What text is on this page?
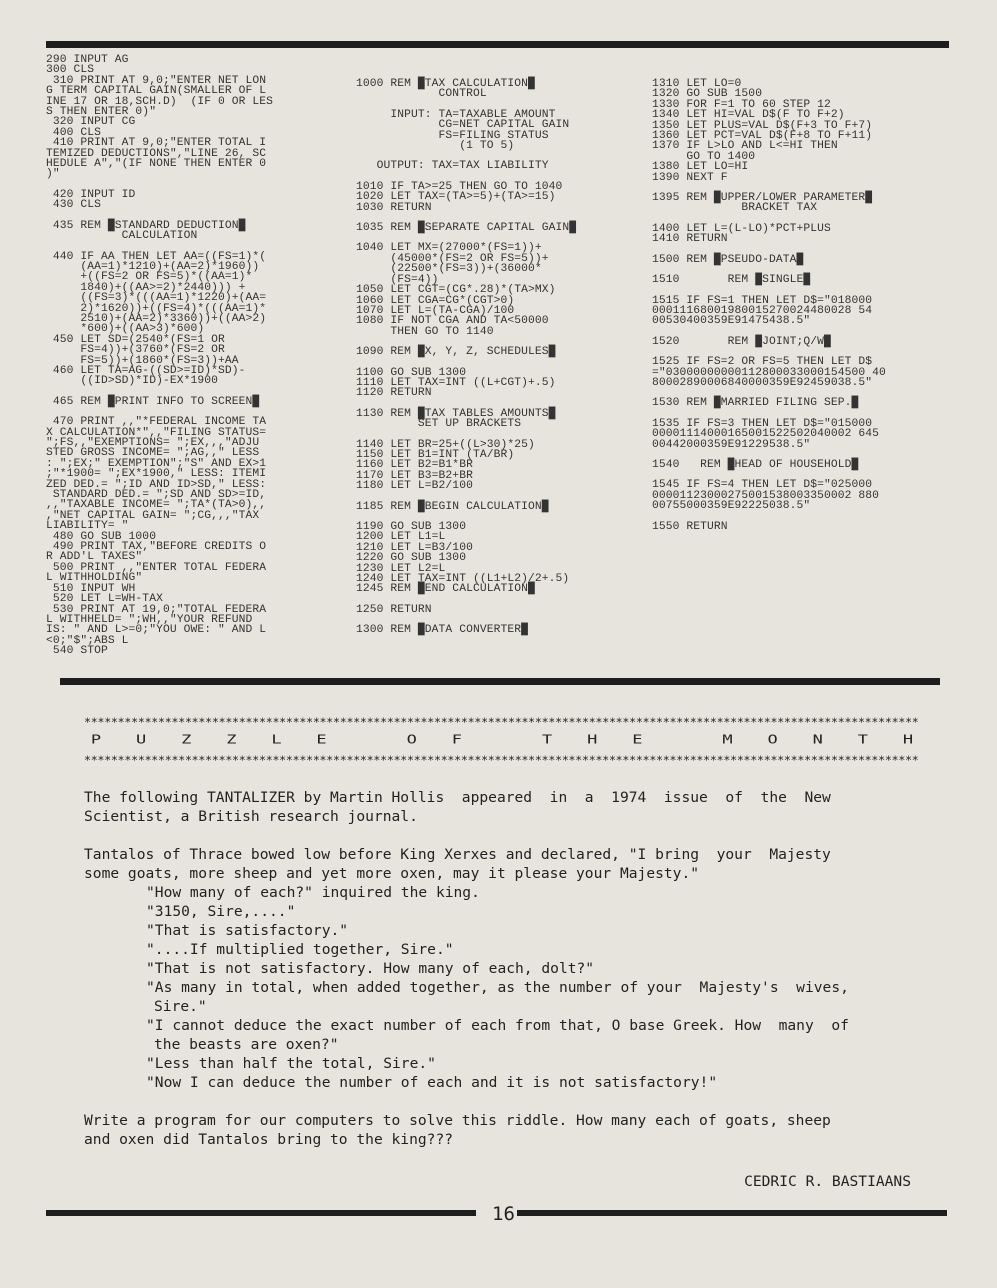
290 INPUT AG
300 CLS
310 PRINT AT 9,0;"ENTER NET LON
G TERM CAPITAL GAIN(SMALLER OF L
INE 17 OR 18,SCH.D)  (IF 0 OR LES
S THEN ENTER 0)"
320 INPUT CG
400 CLS
410 PRINT AT 9,0;"ENTER TOTAL I
TEMIZED DEDUCTIONS","LINE 26, SC
HEDULE A","(IF NONE THEN ENTER 0
)"
420 INPUT ID
430 CLS
435 REM █STANDARD DEDUCTION█
CALCULATION
440 IF AA THEN LET AA=((FS=1)*(
(AA=1)*1210)+(AA=2)*1960))
+((FS=2 OR FS=5)*((AA=1)*
1840)+((AA>=2)*2440))) +
((FS=3)*(((AA=1)*1220)+(AA=
2)*1620))+((FS=4)*(((AA=1)*
2510)+(AA=2)*3360))+((AA>2)
*600)+((AA>3)*600)
450 LET SD=(2540*(FS=1 OR
FS=4))+(3760*(FS=2 OR
FS=5))+(1860*(FS=3))+AA
460 LET TA=AG-((SD>=ID)*SD)-
((ID>SD)*ID)-EX*1900
465 REM █PRINT INFO TO SCREEN█
470 PRINT ,,"*FEDERAL INCOME TA
X CALCULATION*",,"FILING STATUS=
";FS,,"EXEMPTIONS= ";EX,,,"ADJU
STED GROSS INCOME= ";AG,," LESS
: ";EX;" EXEMPTION";"S" AND EX>1
;"*1900= ";EX*1900," LESS: ITEMI
ZED DED.= ";ID AND ID>SD," LESS:
STANDARD DED.= ";SD AND SD>=ID,
,,"TAXABLE INCOME= ";TA*(TA>0),,
,"NET CAPITAL GAIN= ";CG,,,"TAX
LIABILITY= "
480 GO SUB 1000
490 PRINT TAX,"BEFORE CREDITS O
R ADD'L TAXES"
500 PRINT ,,"ENTER TOTAL FEDERA
L WITHHOLDING"
510 INPUT WH
520 LET L=WH-TAX
530 PRINT AT 19,0;"TOTAL FEDERA
L WITHHELD= ";WH,,"YOUR REFUND
IS: " AND L>=0;"YOU OWE: " AND L
<0;"$";ABS L
540 STOP
1000 REM █TAX CALCULATION█
CONTROL
INPUT: TA=TAXABLE AMOUNT
CG=NET CAPITAL GAIN
FS=FILING STATUS
(1 TO 5)
OUTPUT: TAX=TAX LIABILITY
1010 IF TA>=25 THEN GO TO 1040
1020 LET TAX=(TA>=5)+(TA>=15)
1030 RETURN
1035 REM █SEPARATE CAPITAL GAIN█
1040 LET MX=(27000*(FS=1))+
(45000*(FS=2 OR FS=5))+
(22500*(FS=3))+(36000*
(FS=4))
1050 LET CGT=(CG*.28)*(TA>MX)
1060 LET CGA=CG*(CGT>0)
1070 LET L=(TA-CGA)/100
1080 IF NOT CGA AND TA<50000
THEN GO TO 1140
1090 REM █X, Y, Z, SCHEDULES█
1100 GO SUB 1300
1110 LET TAX=INT ((L+CGT)+.5)
1120 RETURN
1130 REM █TAX TABLES AMOUNTS█
SET UP BRACKETS
1140 LET BR=25+((L>30)*25)
1150 LET B1=INT (TA/BR)
1160 LET B2=B1*BR
1170 LET B3=B2+BR
1180 LET L=B2/100
1185 REM █BEGIN CALCULATION█
1190 GO SUB 1300
1200 LET L1=L
1210 LET L=B3/100
1220 GO SUB 1300
1230 LET L2=L
1240 LET TAX=INT ((L1+L2)/2+.5)
1245 REM █END CALCULATION█
1250 RETURN
1300 REM █DATA CONVERTER█
1310 LET LO=0
1320 GO SUB 1500
1330 FOR F=1 TO 60 STEP 12
1340 LET HI=VAL D$(F TO F+2)
1350 LET PLUS=VAL D$(F+3 TO F+7)
1360 LET PCT=VAL D$(F+8 TO F+11)
1370 IF L>LO AND L<=HI THEN
GO TO 1400
1380 LET LO=HI
1390 NEXT F
1395 REM █UPPER/LOWER PARAMETER█
BRACKET TAX
1400 LET L=(L-LO)*PCT+PLUS
1410 RETURN
1500 REM █PSEUDO-DATA█
1510       REM █SINGLE█
1515 IF FS=1 THEN LET D$="018000
00011168001980015270024480028 54
00530400359E91475438.5"
1520       REM █JOINT;Q/W█
1525 IF FS=2 OR FS=5 THEN LET D$
="03000000000112800033000154500 40
80002890006840000359E92459038.5"
1530 REM █MARRIED FILING SEP.█
1535 IF FS=3 THEN LET D$="015000
00001114000165001522502040002 645
00442000359E91229538.5"
1540   REM █HEAD OF HOUSEHOLD█
1545 IF FS=4 THEN LET D$="025000
00001123000275001538003350002 880
00755000359E92225038.5"
1550 RETURN
****************************************************************************************************************************
P	U	Z	Z	L	E	O	F	T	H	E	M	O	N	T	H
****************************************************************************************************************************

The following TANTALIZER by Martin Hollis  appeared  in  a  1974  issue  of  the  New
Scientist, a British research journal.

Tantalos of Thrace bowed low before King Xerxes and declared, "I bring  your  Majesty
some goats, more sheep and yet more oxen, may it please your Majesty."

"How many of each?" inquired the king.

"3150, Sire,...."

"That is satisfactory."

"....If multiplied together, Sire."

"That is not satisfactory. How many of each, dolt?"

"As many in total, when added together, as the number of your  Majesty's  wives,
Sire."

"I cannot deduce the exact number of each from that, O base Greek. How  many  of
the beasts are oxen?"

"Less than half the total, Sire."

"Now I can deduce the number of each and it is not satisfactory!"

Write a program for our computers to solve this riddle. How many each of goats, sheep
and oxen did Tantalos bring to the king???

CEDRIC R. BASTIAANS
16
